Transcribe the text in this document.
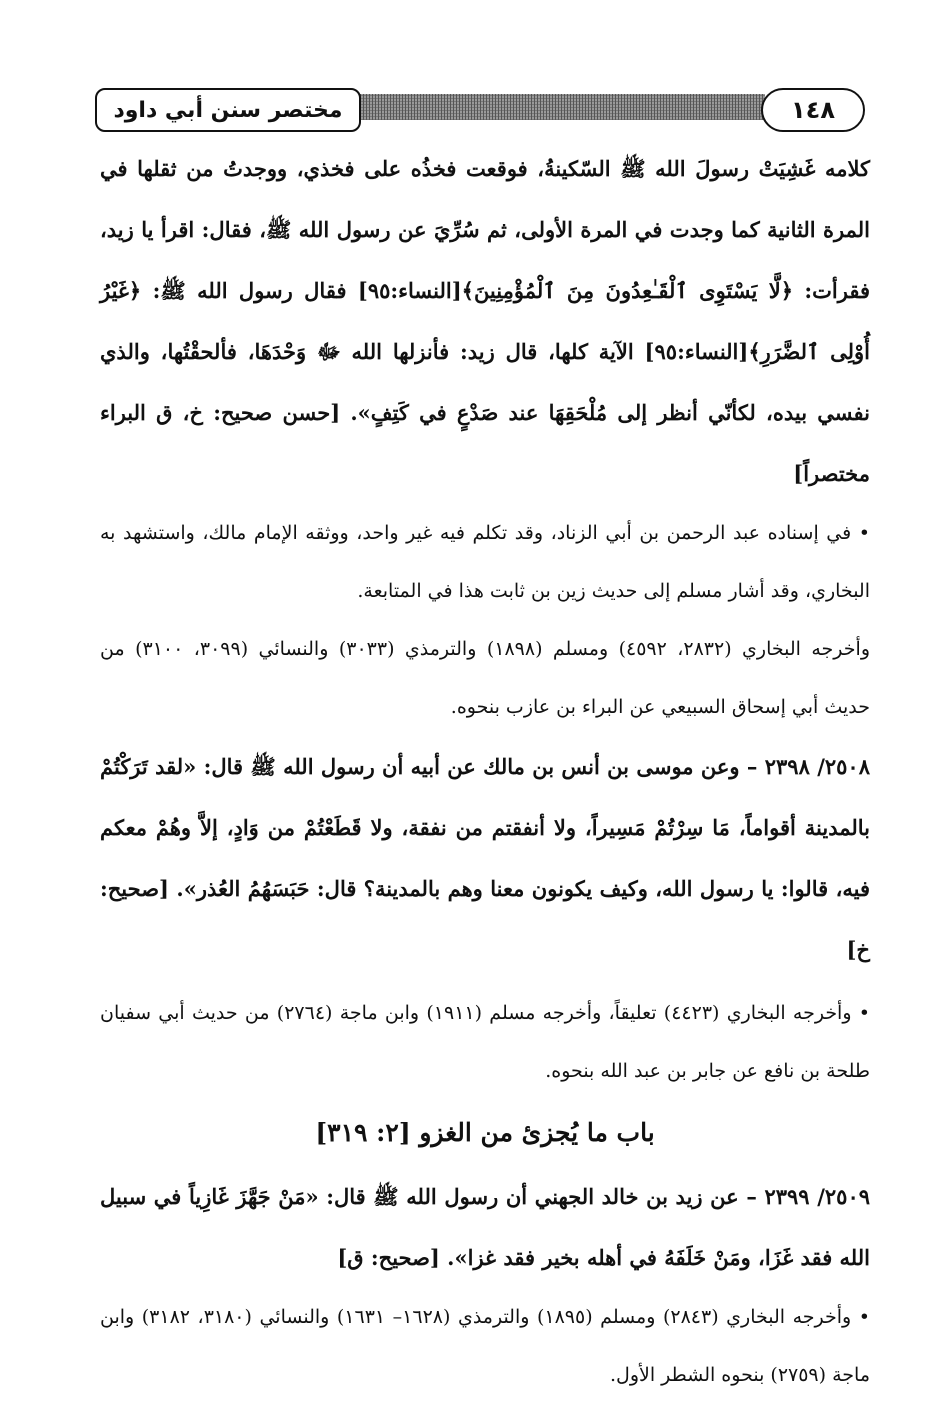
مختصر سنن أبي داود	١٤٨

كلامه غَشِيَتْ رسولَ الله ﷺ السّكينةُ، فوقعت فخذُه على فخذي، ووجدتُ من ثقلها في المرة الثانية كما وجدت في المرة الأولى، ثم سُرِّيَ عن رسول الله ﷺ، فقال: اقرأ يا زيد، فقرأت: ﴿لَّا يَسْتَوِى ٱلْقَـٰعِدُونَ مِنَ ٱلْمُؤْمِنِينَ﴾[النساء:٩٥] فقال رسول الله ﷺ: ﴿غَيْرُ أُوْلِى ٱلضَّرَرِ﴾[النساء:٩٥] الآية كلها، قال زيد: فأنزلها الله ﷻ وَحْدَهَا، فألحقْتُها، والذي نفسي بيده، لكأنّي أنظر إلى مُلْحَقِهَا عند صَدْعٍ في كَتِفٍ». [حسن صحيح: خ، ق البراء مختصراً]

• في إسناده عبد الرحمن بن أبي الزناد، وقد تكلم فيه غير واحد، ووثقه الإمام مالك، واستشهد به البخاري، وقد أشار مسلم إلى حديث زين بن ثابت هذا في المتابعة.

وأخرجه البخاري (٢٨٣٢، ٤٥٩٢) ومسلم (١٨٩٨) والترمذي (٣٠٣٣) والنسائي (٣٠٩٩، ٣١٠٠) من حديث أبي إسحاق السبيعي عن البراء بن عازب بنحوه.

٢٥٠٨/ ٢٣٩٨ – وعن موسى بن أنس بن مالك عن أبيه أن رسول الله ﷺ قال: «لقد تَرَكْتُمْ بالمدينة أقواماً، مَا سِرْتُمْ مَسِيراً، ولا أنفقتم من نفقة، ولا قَطَعْتُمْ من وَادٍ، إلاَّ وهُمْ معكم فيه، قالوا: يا رسول الله، وكيف يكونون معنا وهم بالمدينة؟ قال: حَبَسَهُمُ العُذر». [صحيح: خ]

• وأخرجه البخاري (٤٤٢٣) تعليقاً، وأخرجه مسلم (١٩١١) وابن ماجة (٢٧٦٤) من حديث أبي سفيان طلحة بن نافع عن جابر بن عبد الله بنحوه.

باب ما يُجزئ من الغزو [٢: ٣١٩]

٢٥٠٩/ ٢٣٩٩ – عن زيد بن خالد الجهني أن رسول الله ﷺ قال: «مَنْ جَهَّزَ غَازِياً في سبيل الله فقد غَزَا، ومَنْ خَلَفَهُ في أهله بخير فقد غزا». [صحيح: ق]

• وأخرجه البخاري (٢٨٤٣) ومسلم (١٨٩٥) والترمذي (١٦٢٨– ١٦٣١) والنسائي (٣١٨٠، ٣١٨٢) وابن ماجة (٢٧٥٩) بنحوه الشطر الأول.
